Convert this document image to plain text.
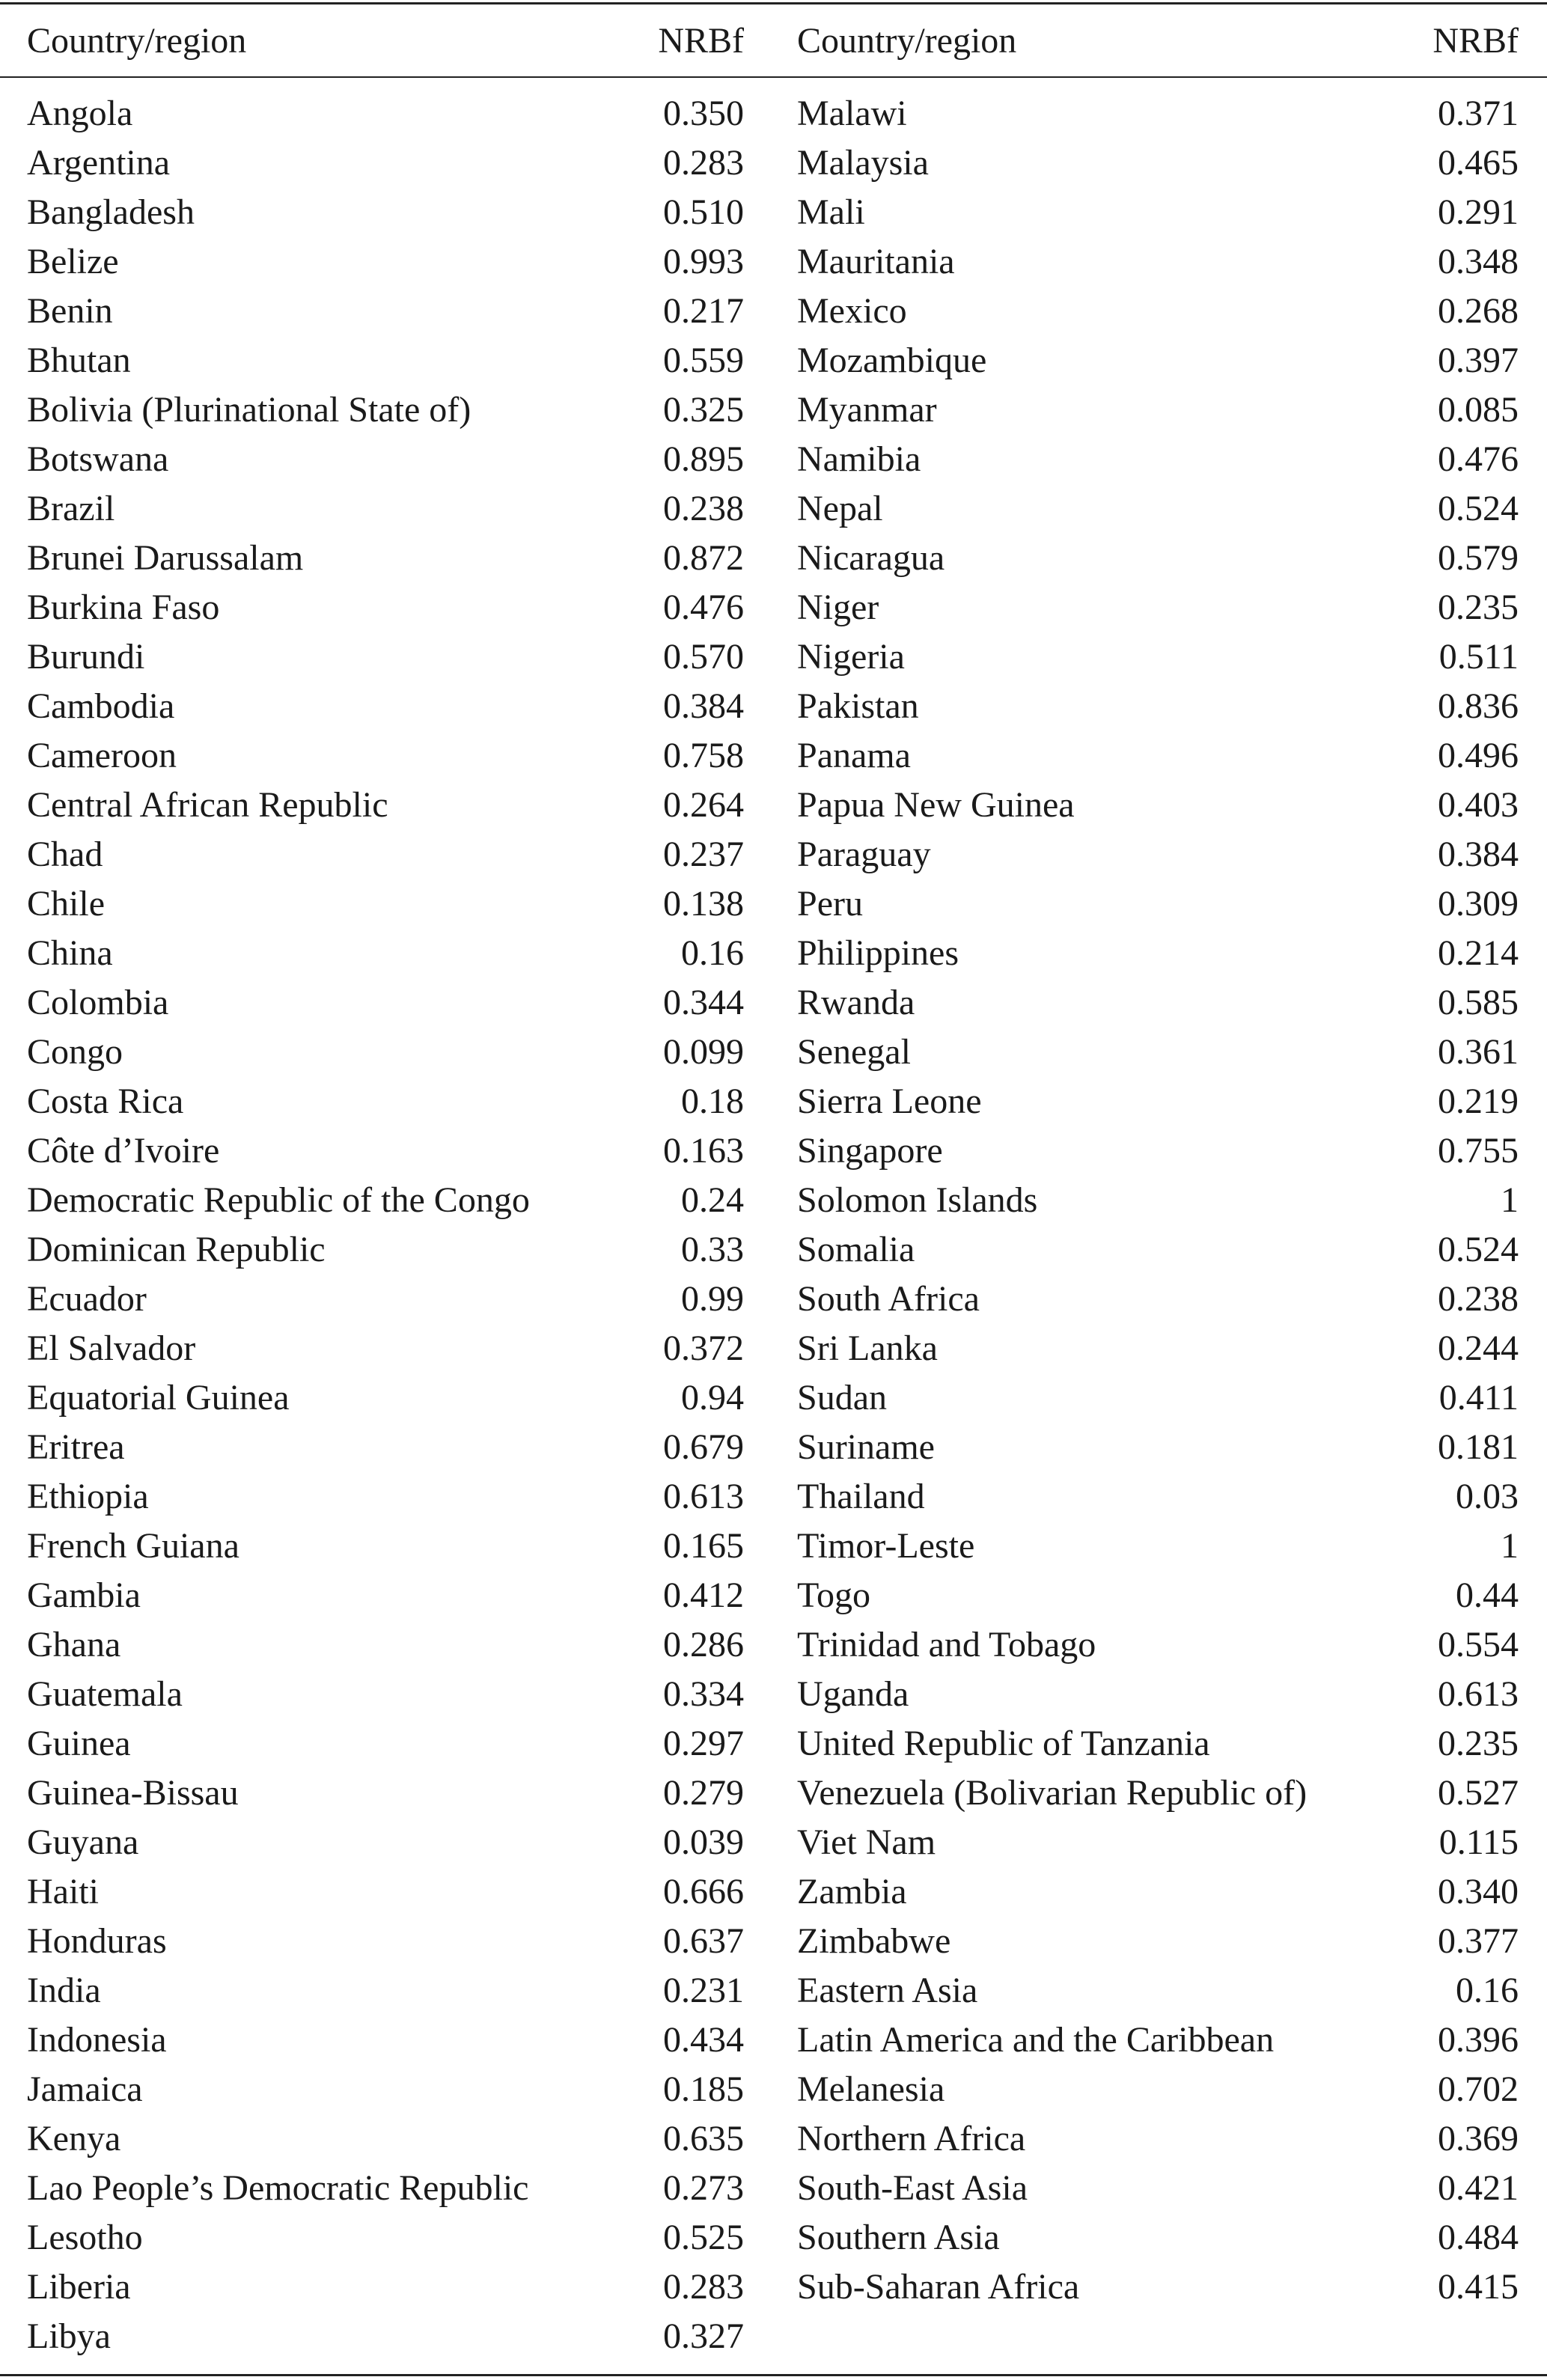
Country/region	NRBf Country/region	NRBf
Angola	0.350
Argentina	0.283
Bangladesh	0.510
Belize	0.993
Benin	0.217
Bhutan	0.559
Bolivia (Plurinational State of)	0.325
Botswana	0.895
Brazil	0.238
Brunei Darussalam	0.872
Burkina Faso	0.476
Burundi	0.570
Cambodia	0.384
Cameroon	0.758
Central African Republic	0.264
Chad	0.237
Chile	0.138
China	0.16
Colombia	0.344
Congo	0.099
Costa Rica	0.18
Côte d’Ivoire	0.163
Democratic Republic of the Congo	0.24
Dominican Republic	0.33
Ecuador	0.99
El Salvador	0.372
Equatorial Guinea	0.94
Eritrea	0.679
Ethiopia	0.613
French Guiana	0.165
Gambia	0.412
Ghana	0.286
Guatemala	0.334
Guinea	0.297
Guinea-Bissau	0.279
Guyana	0.039
Haiti	0.666
Honduras	0.637
India	0.231
Indonesia	0.434
Jamaica	0.185
Kenya	0.635
Lao People’s Democratic Republic	0.273
Lesotho	0.525
Liberia	0.283
Libya	0.327
Malawi	0.371
Malaysia	0.465
Mali	0.291
Mauritania	0.348
Mexico	0.268
Mozambique	0.397
Myanmar	0.085
Namibia	0.476
Nepal	0.524
Nicaragua	0.579
Niger	0.235
Nigeria	0.511
Pakistan	0.836
Panama	0.496
Papua New Guinea	0.403
Paraguay	0.384
Peru	0.309
Philippines	0.214
Rwanda	0.585
Senegal	0.361
Sierra Leone	0.219
Singapore	0.755
Solomon Islands	1
Somalia	0.524
South Africa	0.238
Sri Lanka	0.244
Sudan	0.411
Suriname	0.181
Thailand	0.03
Timor-Leste	1
Togo	0.44
Trinidad and Tobago	0.554
Uganda	0.613
United Republic of Tanzania	0.235
Venezuela (Bolivarian Republic of)	0.527
Viet Nam	0.115
Zambia	0.340
Zimbabwe	0.377
Eastern Asia	0.16
Latin America and the Caribbean	0.396
Melanesia	0.702
Northern Africa	0.369
South-East Asia	0.421
Southern Asia	0.484
Sub-Saharan Africa	0.415
